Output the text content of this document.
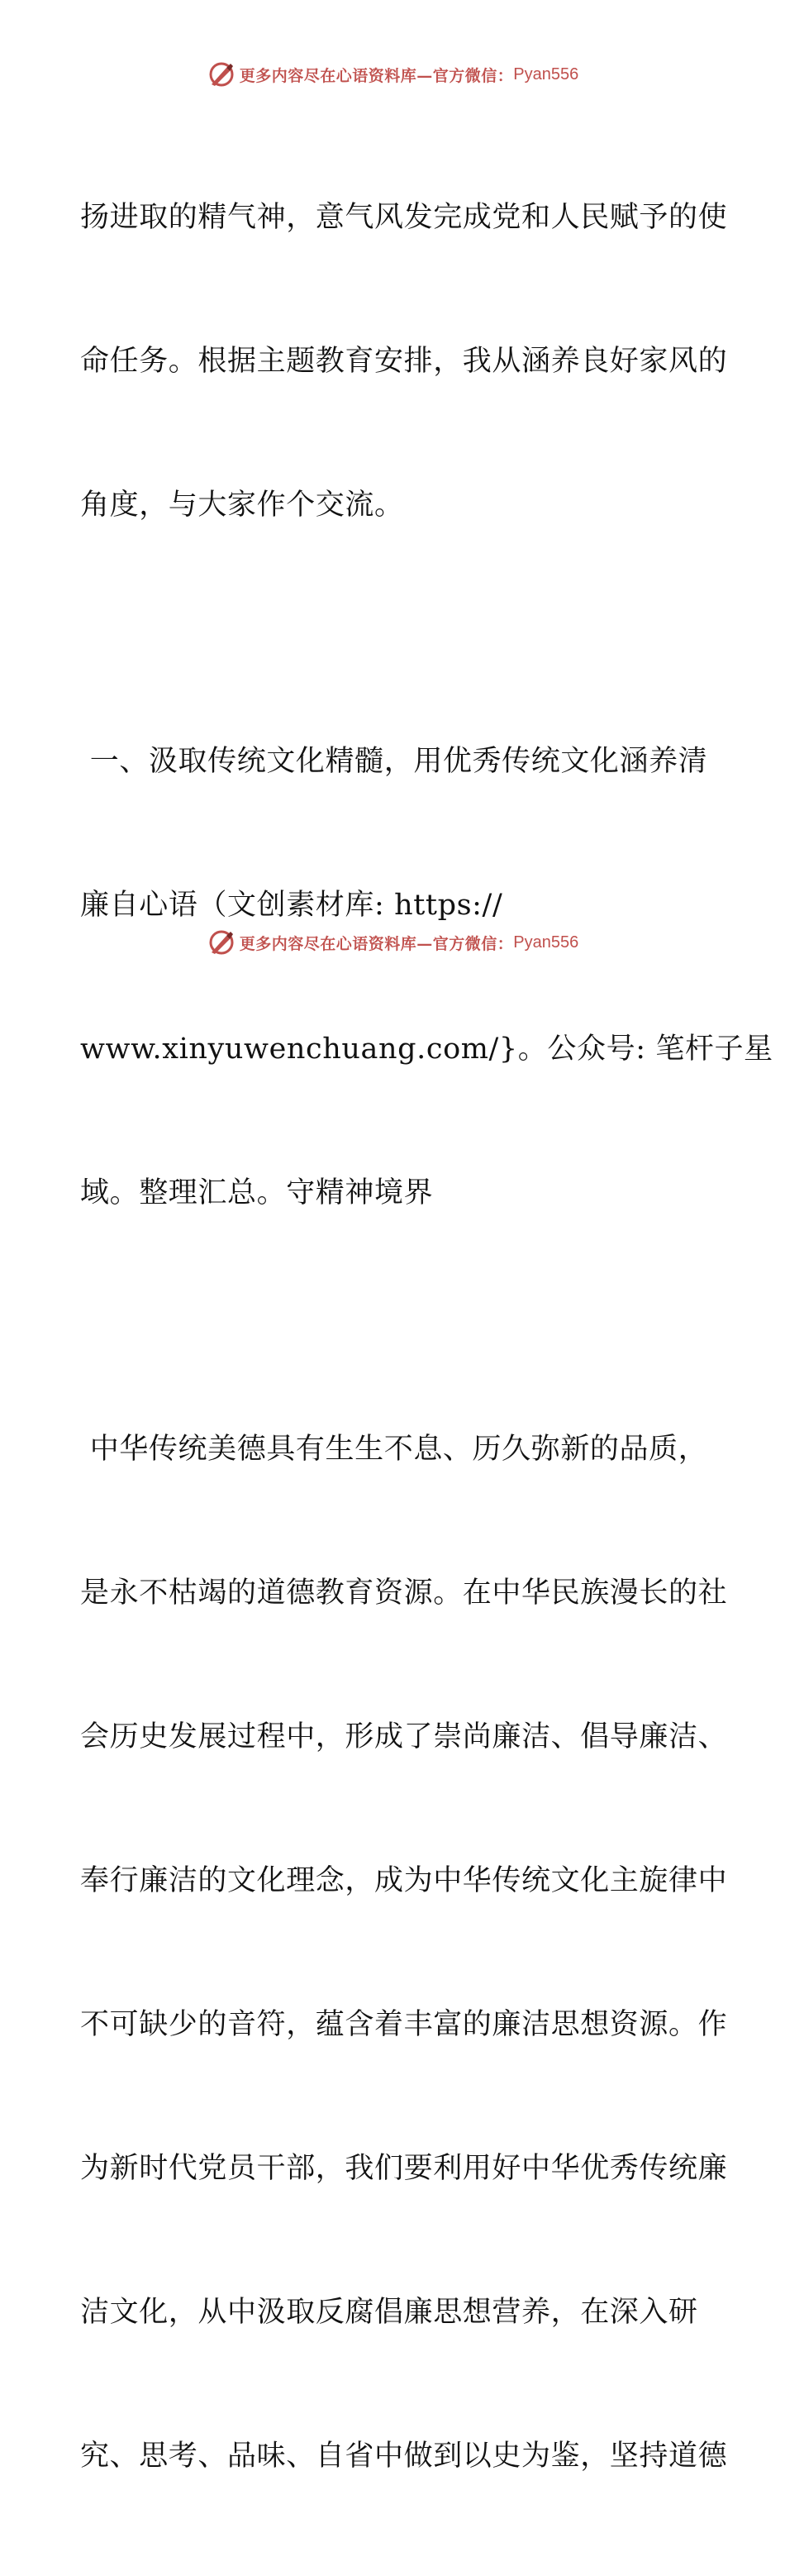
更多内容尽在心语资料库—官方微信： Pyan556

扬进取的精气神，意气风发完成党和人民赋予的使

命任务。根据主题教育安排，我从涵养良好家风的

角度，与大家作个交流。

一、汲取传统文化精髓，用优秀传统文化涵养清

廉自心语（文创素材库: https://

www.xinyuwenchuang.com/}。公众号: 笔杆子星

域。整理汇总。守精神境界

中华传统美德具有生生不息、历久弥新的品质，

是永不枯竭的道德教育资源。在中华民族漫长的社

会历史发展过程中，形成了崇尚廉洁、倡导廉洁、

奉行廉洁的文化理念，成为中华传统文化主旋律中

不可缺少的音符，蕴含着丰富的廉洁思想资源。作

为新时代党员干部，我们要利用好中华优秀传统廉

洁文化，从中汲取反腐倡廉思想营养，在深入研

究、思考、品味、自省中做到以史为鉴，坚持道德

更多内容尽在心语资料库—官方微信： Pyan556
